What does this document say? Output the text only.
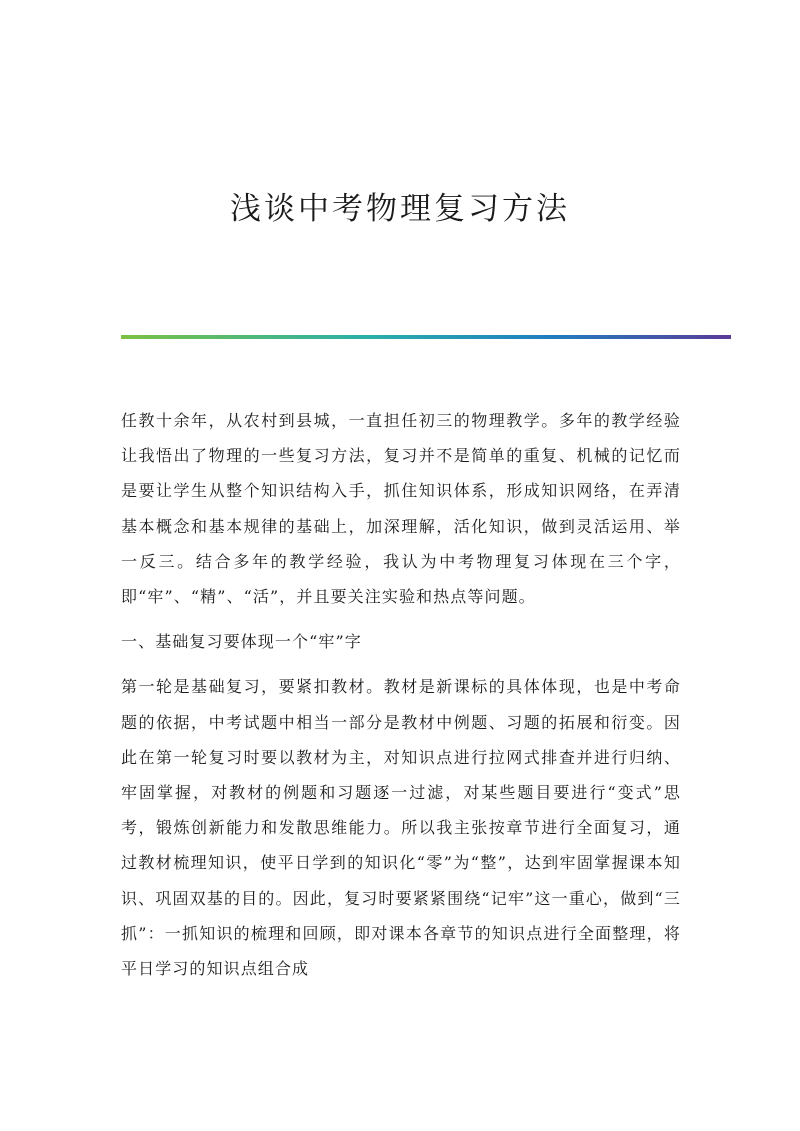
浅谈中考物理复习方法

任教十余年，从农村到县城，一直担任初三的物理教学。多年的教学经验让我悟出了物理的一些复习方法，复习并不是简单的重复、机械的记忆而是要让学生从整个知识结构入手，抓住知识体系，形成知识网络，在弄清基本概念和基本规律的基础上，加深理解，活化知识，做到灵活运用、举一反三。结合多年的教学经验，我认为中考物理复习体现在三个字，即“牢”、“精”、“活”，并且要关注实验和热点等问题。

一、基础复习要体现一个“牢”字

第一轮是基础复习，要紧扣教材。教材是新课标的具体体现，也是中考命题的依据，中考试题中相当一部分是教材中例题、习题的拓展和衍变。因此在第一轮复习时要以教材为主，对知识点进行拉网式排查并进行归纳、牢固掌握，对教材的例题和习题逐一过滤，对某些题目要进行“变式”思考，锻炼创新能力和发散思维能力。所以我主张按章节进行全面复习，通过教材梳理知识，使平日学到的知识化“零”为“整”，达到牢固掌握课本知识、巩固双基的目的。因此，复习时要紧紧围绕“记牢”这一重心，做到“三抓”：一抓知识的梳理和回顾，即对课本各章节的知识点进行全面整理，将平日学习的知识点组合成
